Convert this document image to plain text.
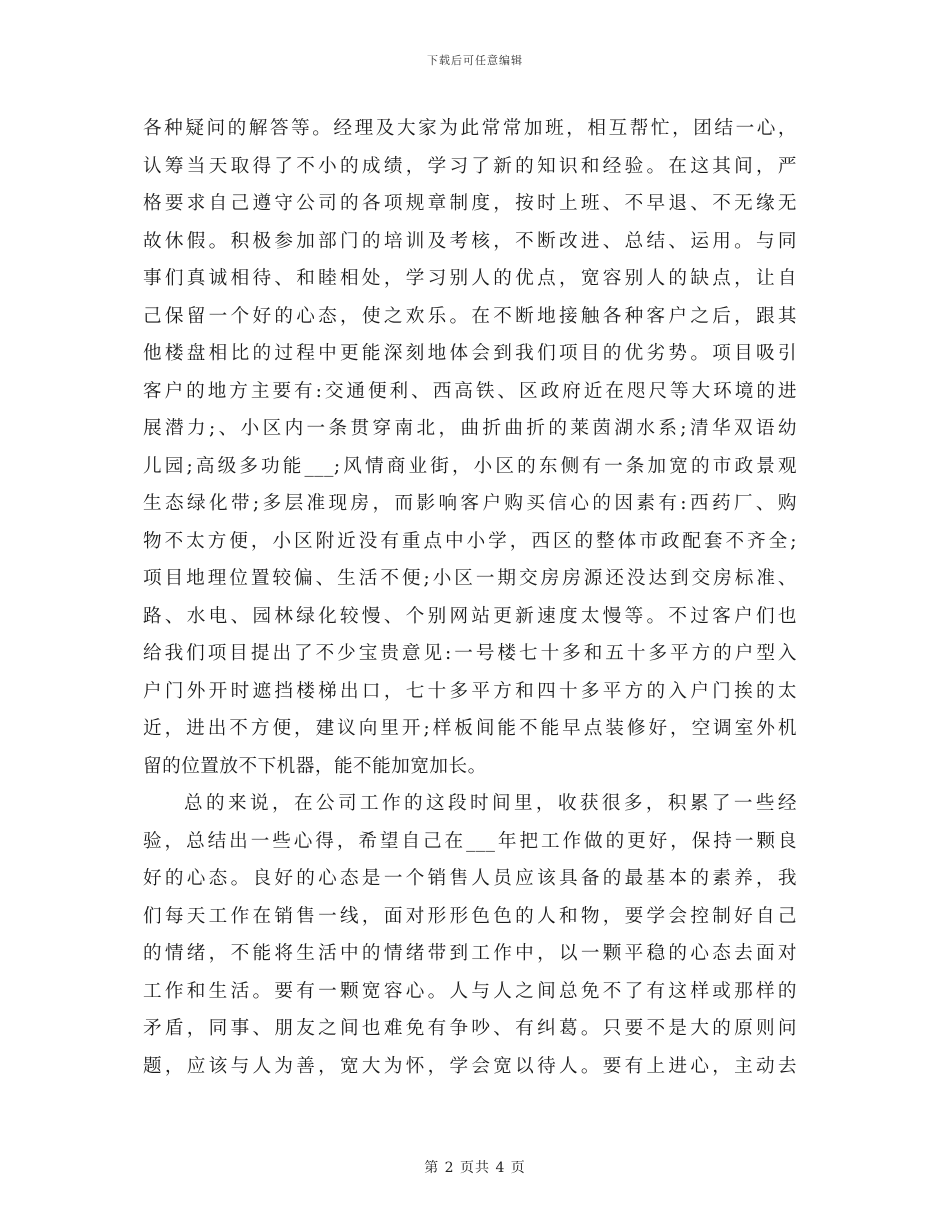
下载后可任意编辑
各种疑问的解答等。经理及大家为此常常加班，相互帮忙，团结一心，
认筹当天取得了不小的成绩，学习了新的知识和经验。在这其间，严
格要求自己遵守公司的各项规章制度，按时上班、不早退、不无缘无
故休假。积极参加部门的培训及考核，不断改进、总结、运用。与同
事们真诚相待、和睦相处，学习别人的优点，宽容别人的缺点，让自
己保留一个好的心态，使之欢乐。在不断地接触各种客户之后，跟其
他楼盘相比的过程中更能深刻地体会到我们项目的优劣势。项目吸引
客户的地方主要有:交通便利、西高铁、区政府近在咫尺等大环境的进
展潜力;、小区内一条贯穿南北，曲折曲折的莱茵湖水系;清华双语幼
儿园;高级多功能___;风情商业街，小区的东侧有一条加宽的市政景观
生态绿化带;多层准现房，而影响客户购买信心的因素有:西药厂、购
物不太方便，小区附近没有重点中小学，西区的整体市政配套不齐全;
项目地理位置较偏、生活不便;小区一期交房房源还没达到交房标准、
路、水电、园林绿化较慢、个别网站更新速度太慢等。不过客户们也
给我们项目提出了不少宝贵意见:一号楼七十多和五十多平方的户型入
户门外开时遮挡楼梯出口，七十多平方和四十多平方的入户门挨的太
近，进出不方便，建议向里开;样板间能不能早点装修好，空调室外机
留的位置放不下机器，能不能加宽加长。
总的来说，在公司工作的这段时间里，收获很多，积累了一些经
验，总结出一些心得，希望自己在___年把工作做的更好，保持一颗良
好的心态。良好的心态是一个销售人员应该具备的最基本的素养，我
们每天工作在销售一线，面对形形色色的人和物，要学会控制好自己
的情绪，不能将生活中的情绪带到工作中，以一颗平稳的心态去面对
工作和生活。要有一颗宽容心。人与人之间总免不了有这样或那样的
矛盾，同事、朋友之间也难免有争吵、有纠葛。只要不是大的原则问
题，应该与人为善，宽大为怀，学会宽以待人。要有上进心，主动去
第 2 页共 4 页
